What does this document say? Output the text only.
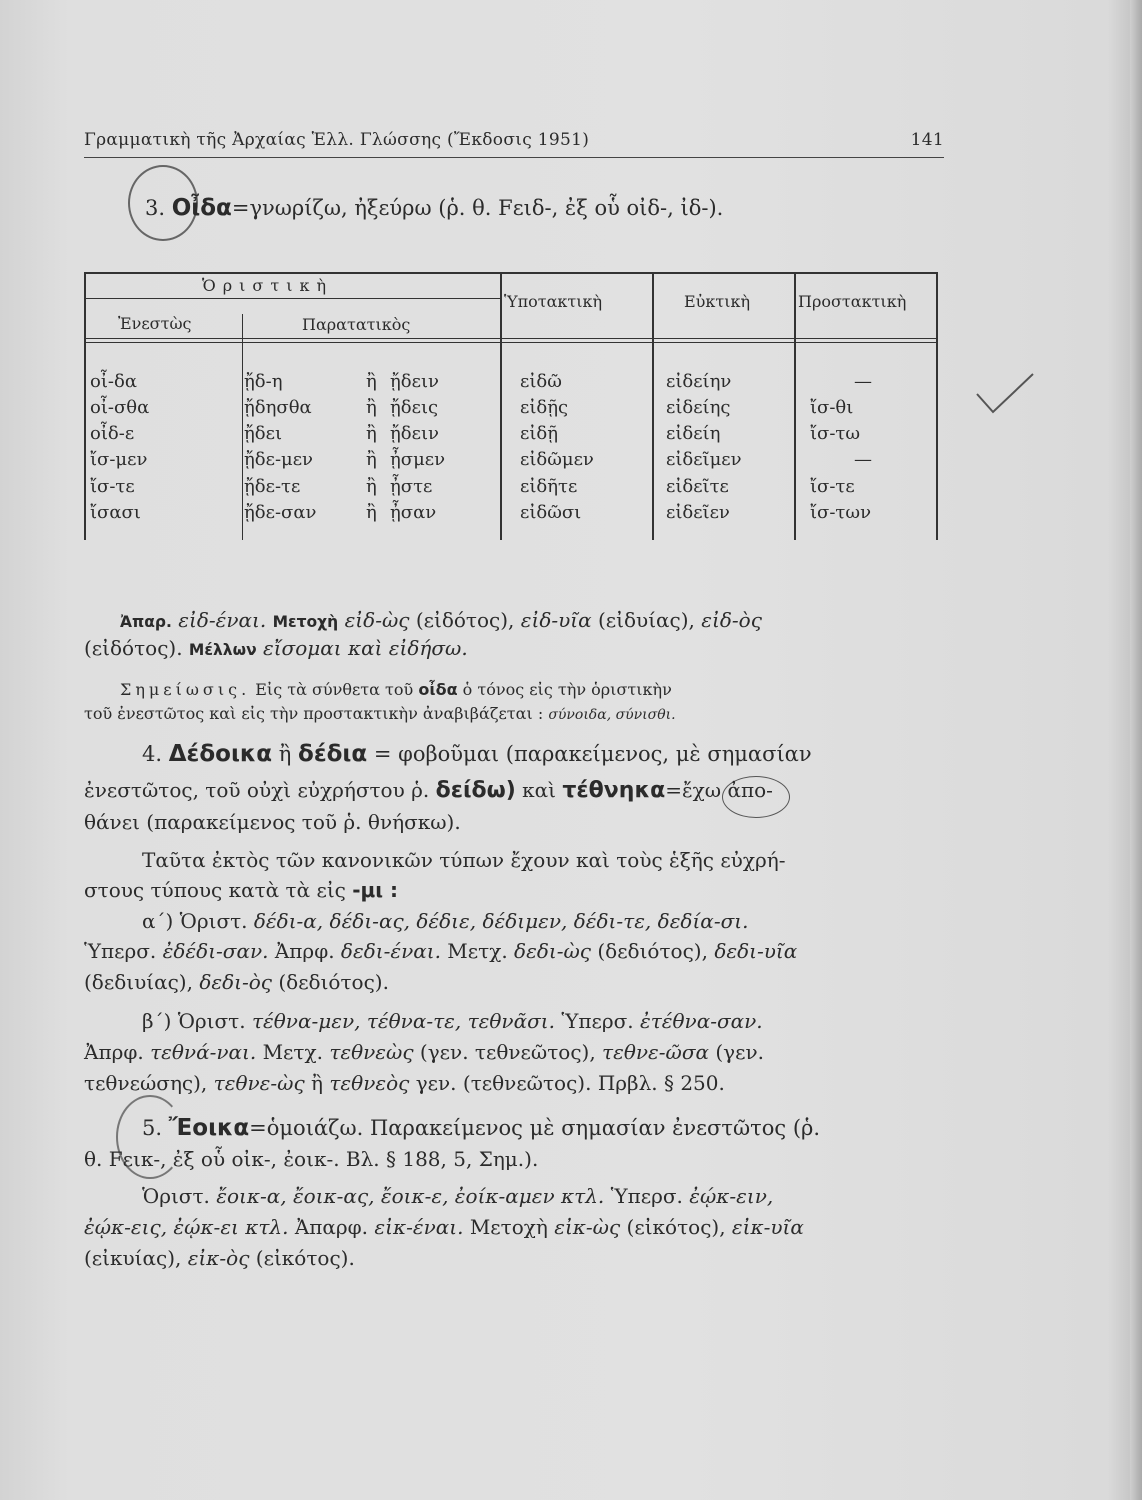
Γραμματικὴ τῆς Ἀρχαίας Ἑλλ. Γλώσσης (Ἔκδοσις 1951)	141
3. Οἶδα=γνωρίζω, ἠξεύρω (ῥ. θ. Fειδ-, ἐξ οὗ οἰδ-, ἰδ-).
Ὁριστικὴ
Ἐνεστὼς	Παρατατικὸς
Ὑποτακτικὴ	Εὐκτικὴ	Προστακτικὴ
οἶ-δα	ᾔδ-η	ἢ ᾔδειν	εἰδῶ	εἰδείην	—
οἶ-σθα	ᾔδησθα	ἢ ᾔδεις	εἰδῇς	εἰδείης	ἴσ-θι
οἶδ-ε	ᾔδει	ἢ ᾔδειν	εἰδῇ	εἰδείη	ἴσ-τω
ἴσ-μεν	ᾔδε-μεν	ἢ ᾖσμεν	εἰδῶμεν	εἰδεῖμεν	—
ἴσ-τε	ᾔδε-τε	ἢ ᾖστε	εἰδῆτε	εἰδεῖτε	ἴσ-τε
ἴσασι	ᾔδε-σαν	ἢ ᾖσαν	εἰδῶσι	εἰδεῖεν	ἴσ-των
Ἀπαρ. εἰδ-έναι. Μετοχὴ εἰδ-ὼς (εἰδότος), εἰδ-υῖα (εἰδυίας), εἰδ-ὸς
(εἰδότος). Μέλλων εἴσομαι καὶ εἰδήσω.
Σημείωσις. Εἰς τὰ σύνθετα τοῦ οἶδα ὁ τόνος εἰς τὴν ὁριστικὴν
τοῦ ἐνεστῶτος καὶ εἰς τὴν προστακτικὴν ἀναβιβάζεται : σύνοιδα, σύνισθι.
4. Δέδοικα ἢ δέδια = φοβοῦμαι (παρακείμενος, μὲ σημασίαν
ἐνεστῶτος, τοῦ οὐχὶ εὐχρήστου ῥ. δείδω) καὶ τέθνηκα=ἔχω ἀπο-
θάνει (παρακείμενος τοῦ ῥ. θνήσκω).
Ταῦτα ἐκτὸς τῶν κανονικῶν τύπων ἔχουν καὶ τοὺς ἑξῆς εὐχρή-
στους τύπους κατὰ τὰ εἰς -μι :
α΄) Ὁριστ. δέδι-α, δέδι-ας, δέδιε, δέδιμεν, δέδι-τε, δεδία-σι.
Ὑπερσ. ἐδέδι-σαν. Ἀπρφ. δεδι-έναι. Μετχ. δεδι-ὼς (δεδιότος), δεδι-υῖα
(δεδιυίας), δεδι-ὸς (δεδιότος).
β΄) Ὁριστ. τέθνα-μεν, τέθνα-τε, τεθνᾶσι. Ὑπερσ. ἐτέθνα-σαν.
Ἀπρφ. τεθνά-ναι. Μετχ. τεθνεὼς (γεν. τεθνεῶτος), τεθνε-ῶσα (γεν.
τεθνεώσης), τεθνε-ὼς ἢ τεθνεὸς γεν. (τεθνεῶτος). Πρβλ. § 250.
5. Ἔοικα=ὁμοιάζω. Παρακείμενος μὲ σημασίαν ἐνεστῶτος (ῥ.
θ. Fεικ-, ἐξ οὗ οἰκ-, ἐοικ-. Βλ. § 188, 5, Σημ.).
Ὁριστ. ἔοικ-α, ἔοικ-ας, ἔοικ-ε, ἐοίκ-αμεν κτλ. Ὑπερσ. ἐῴκ-ειν,
ἐῴκ-εις, ἐῴκ-ει κτλ. Ἀπαρφ. εἰκ-έναι. Μετοχὴ εἰκ-ὼς (εἰκότος), εἰκ-υῖα
(εἰκυίας), εἰκ-ὸς (εἰκότος).
